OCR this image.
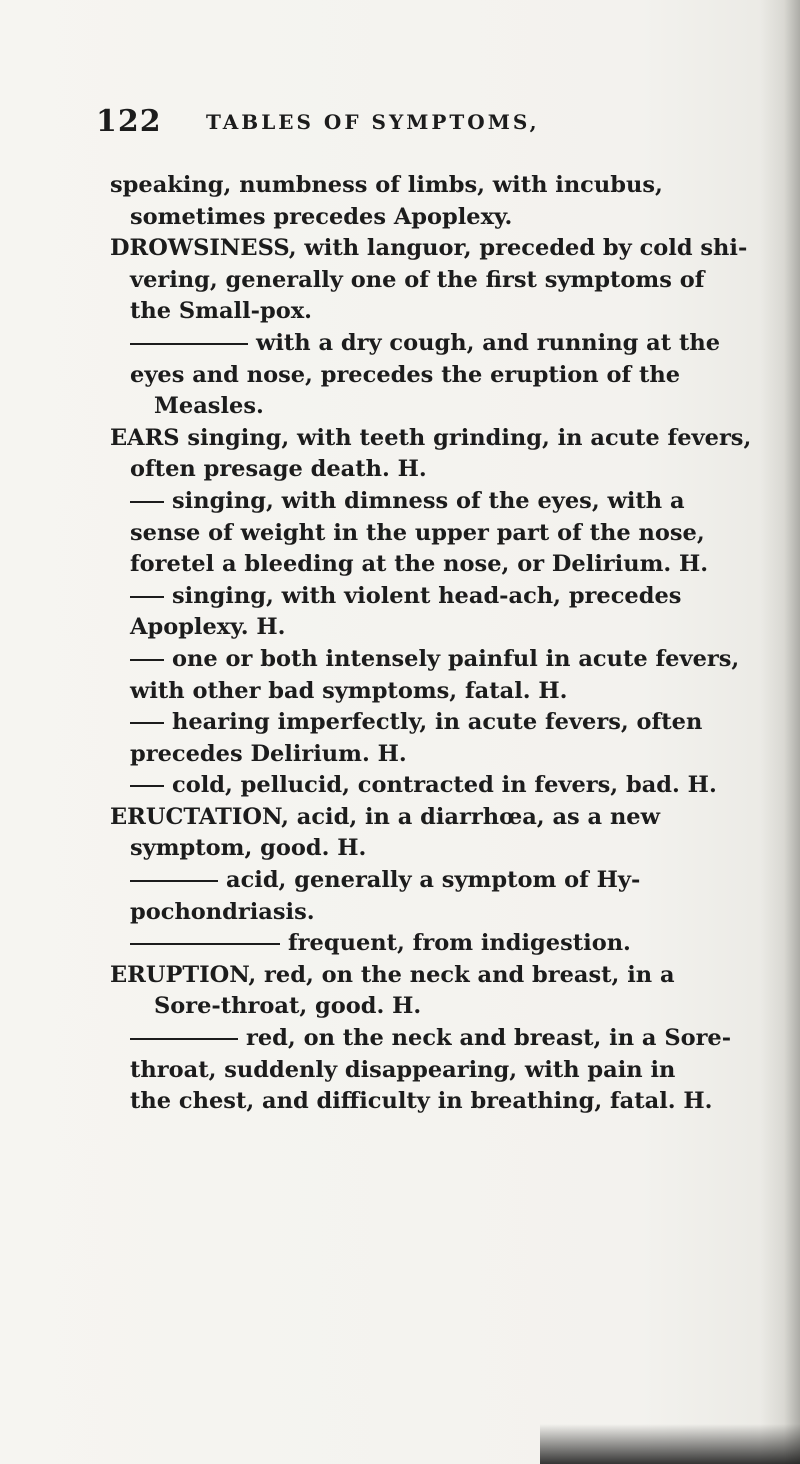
122 TABLES OF SYMPTOMS,
speaking, numbness of limbs, with incubus,
sometimes precedes Apoplexy.
DROWSINESS, with languor, preceded by cold shi-
vering, generally one of the first symptoms of
the Small-pox.
with a dry cough, and running at the
eyes and nose, precedes the eruption of the
Measles.
EARS singing, with teeth grinding, in acute fevers,
often presage death. H.
singing, with dimness of the eyes, with a
sense of weight in the upper part of the nose,
foretel a bleeding at the nose, or Delirium. H.
singing, with violent head-ach, precedes
Apoplexy. H.
one or both intensely painful in acute fevers,
with other bad symptoms, fatal. H.
hearing imperfectly, in acute fevers, often
precedes Delirium. H.
cold, pellucid, contracted in fevers, bad. H.
ERUCTATION, acid, in a diarrhœa, as a new
symptom, good. H.
acid, generally a symptom of Hy-
pochondriasis.
frequent, from indigestion.
ERUPTION, red, on the neck and breast, in a
Sore-throat, good. H.
red, on the neck and breast, in a Sore-
throat, suddenly disappearing, with pain in
the chest, and difficulty in breathing, fatal. H.
